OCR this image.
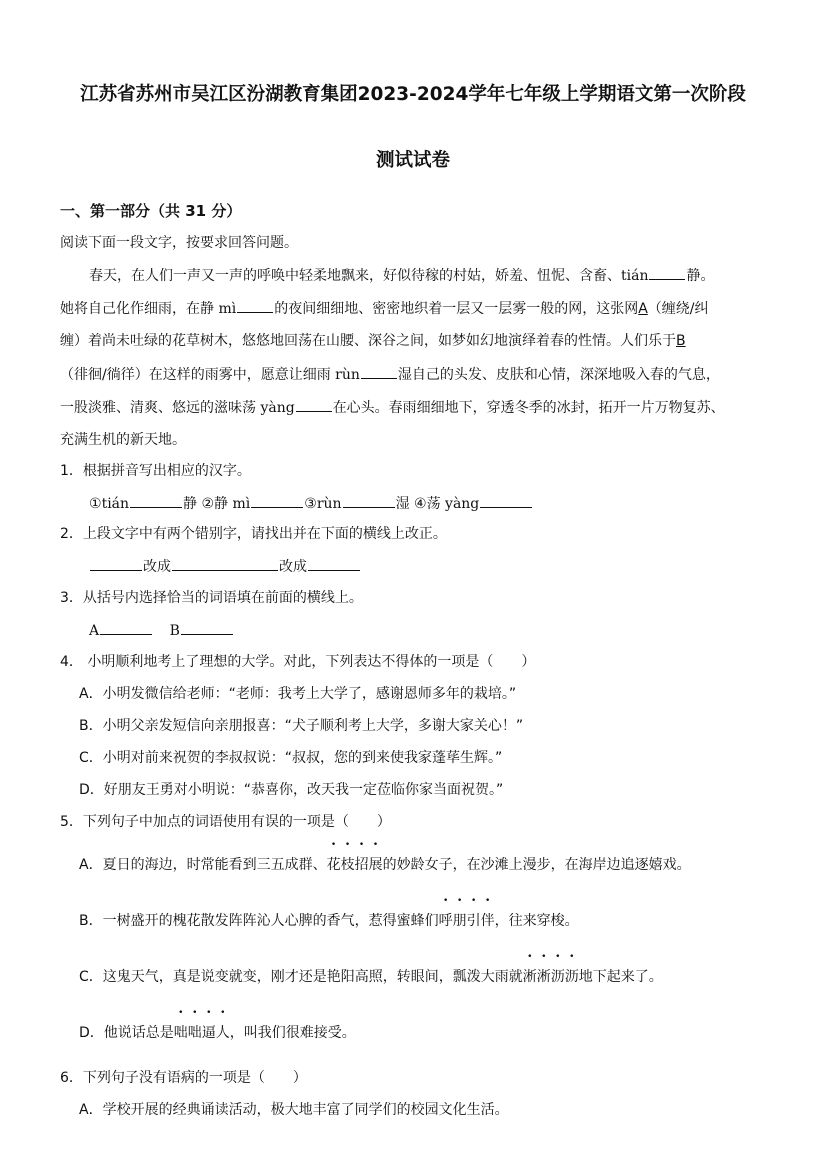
江苏省苏州市吴江区汾湖教育集团2023-2024学年七年级上学期语文第一次阶段
测试试卷
一、第一部分（共 31 分）
阅读下面一段文字，按要求回答问题。
春天，在人们一声又一声的呼唤中轻柔地飘来，好似待稼的村姑，娇羞、忸怩、含畜、tián	静。
她将自己化作细雨，在静 mì	的夜间细细地、密密地织着一层又一层雾一般的网，这张网A（缠绕/纠
缠）着尚未吐绿的花草树木，悠悠地回荡在山腰、深谷之间，如梦如幻地演绎着春的性情。人们乐于B
（徘徊/徜徉）在这样的雨雾中，愿意让细雨 rùn	湿自己的头发、皮肤和心情，深深地吸入春的气息，
一股淡雅、清爽、悠远的滋味荡 yàng	在心头。春雨细细地下，穿透冬季的冰封，拓开一片万物复苏、
充满生机的新天地。
1．根据拼音写出相应的汉字。
①tián	静 ②静 mì	③rùn	湿 ④荡 yàng
2．上段文字中有两个错别字，请找出并在下面的横线上改正。
改成	改成
3．从括号内选择恰当的词语填在前面的横线上。
A	B
4． 小明顺利地考上了理想的大学。对此，下列表达不得体的一项是（　　）
A．小明发微信给老师：“老师：我考上大学了，感谢恩师多年的栽培。”
B．小明父亲发短信向亲朋报喜：“犬子顺利考上大学，多谢大家关心！”
C．小明对前来祝贺的李叔叔说：“叔叔，您的到来使我家蓬荜生辉。”
D．好朋友王勇对小明说：“恭喜你，改天我一定莅临你家当面祝贺。”
5．下列句子中加点的词语使用有误的一项是（　　）
A．夏日的海边，时常能看到三五成群、花枝招展的妙龄女子，在沙滩上漫步，在海岸边追逐嬉戏。
B．一树盛开的槐花散发阵阵沁人心脾的香气，惹得蜜蜂们呼朋引伴，往来穿梭。
C．这鬼天气，真是说变就变，刚才还是艳阳高照，转眼间，瓢泼大雨就淅淅沥沥地下起来了。
D．他说话总是咄咄逼人，叫我们很难接受。
6．下列句子没有语病的一项是（　　）
A．学校开展的经典诵读活动，极大地丰富了同学们的校园文化生活。
